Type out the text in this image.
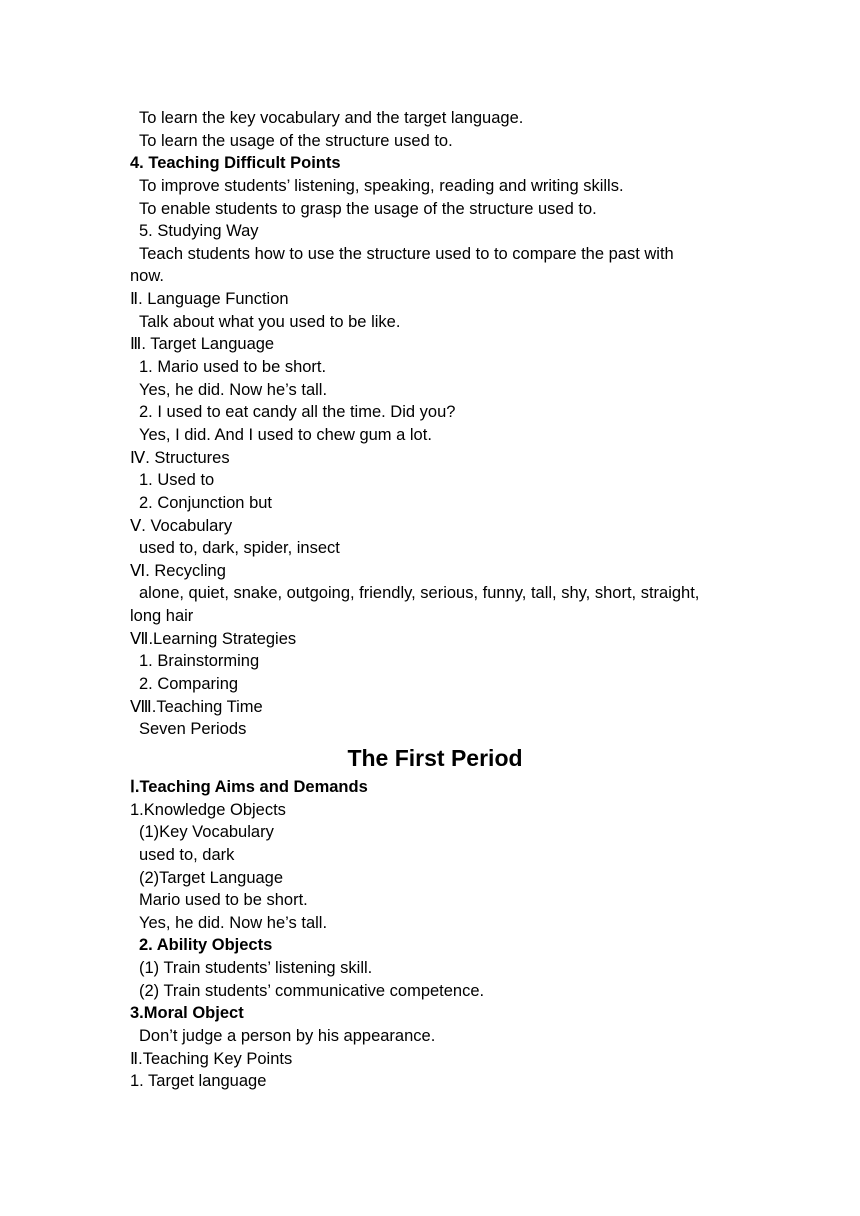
To learn the key vocabulary and the target language.
To learn the usage of the structure used to.
4. Teaching Difficult Points
To improve students’ listening, speaking, reading and writing skills.
To enable students to grasp the usage of the structure used to.
5. Studying Way
Teach students how to use the structure used to to compare the past with
now.
Ⅱ. Language Function
Talk about what you used to be like.
Ⅲ. Target Language
1. Mario used to be short.
Yes, he did. Now he’s tall.
2. I used to eat candy all the time. Did you?
Yes, I did. And I used to chew gum a lot.
Ⅳ. Structures
1. Used to
2. Conjunction but
Ⅴ. Vocabulary
used to, dark, spider, insect
Ⅵ. Recycling
alone, quiet, snake, outgoing, friendly, serious, funny, tall, shy, short, straight,
long hair
Ⅶ.Learning Strategies
1. Brainstorming
2. Comparing
Ⅷ.Teaching Time
Seven Periods
The First Period
Ⅰ.Teaching Aims and Demands
1.Knowledge Objects
(1)Key Vocabulary
used to, dark
(2)Target Language
Mario used to be short.
Yes, he did. Now he’s tall.
2. Ability Objects
(1) Train students’ listening skill.
(2) Train students’ communicative competence.
3.Moral Object
Don’t judge a person by his appearance.
Ⅱ.Teaching Key Points
1. Target language
